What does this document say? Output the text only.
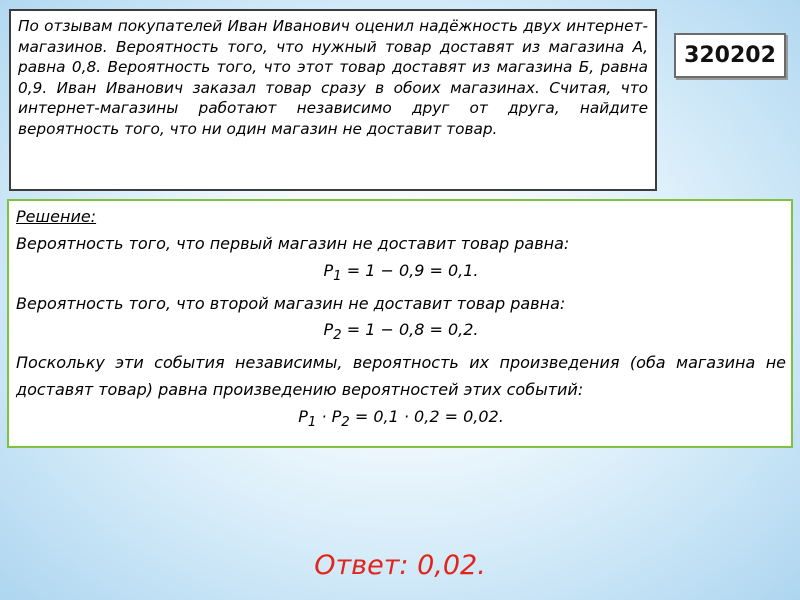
По отзывам покупателей Иван Иванович оценил надёжность двух интернет-магазинов. Вероятность того, что нужный товар доставят из магазина А, равна 0,8. Вероятность того, что этот товар доставят из магазина Б, равна 0,9. Иван Иванович заказал товар сразу в обоих магазинах. Считая, что интернет-магазины работают независимо друг от друга, найдите вероятность того, что ни один магазин не доставит товар.

320202

Решение:

Вероятность того, что первый магазин не доставит товар равна:

$P_1 = 1 - 0,9 = 0,1$.

Вероятность того, что второй магазин не доставит товар равна:

$P_2 = 1 - 0,8 = 0,2$.

Поскольку эти события независимы, вероятность их произведения (оба магазина не доставят товар) равна произведению вероятностей этих событий:

$P_1 \cdot P_2 = 0,1 \cdot 0,2 = 0,02$.

Ответ: 0,02.
